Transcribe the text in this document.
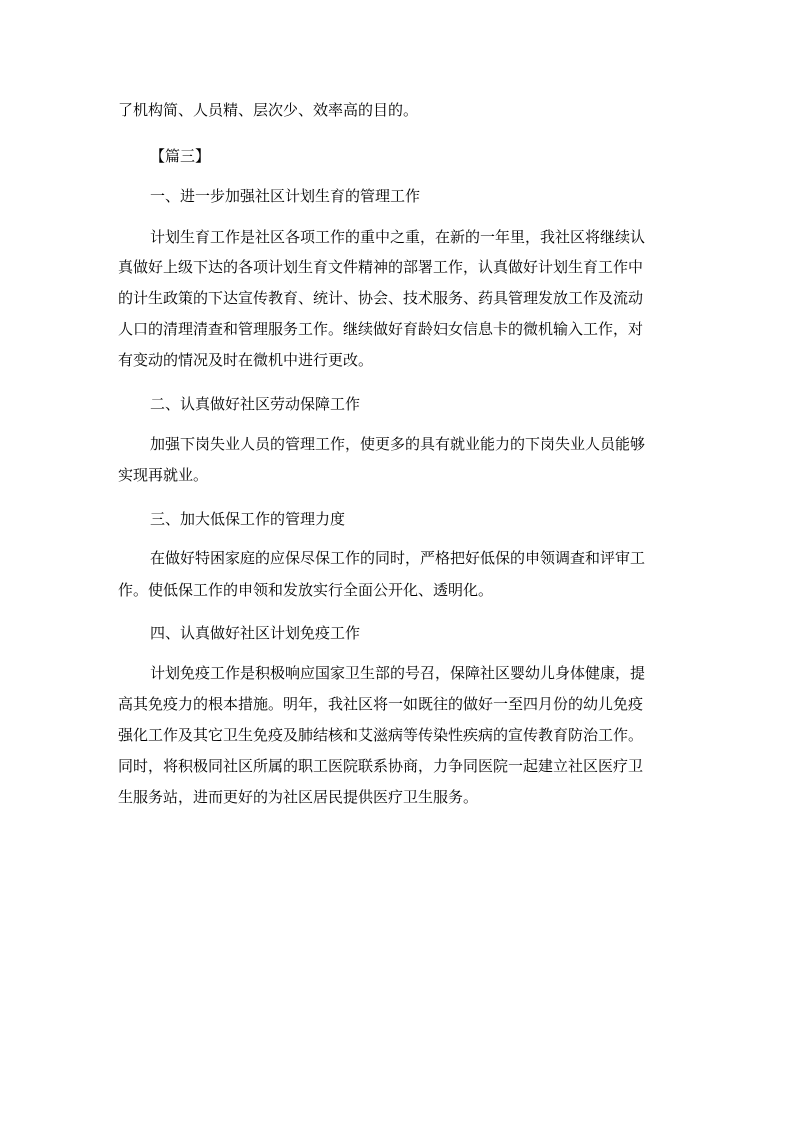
了机构简、人员精、层次少、效率高的目的。
【篇三】
一、进一步加强社区计划生育的管理工作
计划生育工作是社区各项工作的重中之重，在新的一年里，我社区将继续认
真做好上级下达的各项计划生育文件精神的部署工作，认真做好计划生育工作中
的计生政策的下达宣传教育、统计、协会、技术服务、药具管理发放工作及流动
人口的清理清查和管理服务工作。继续做好育龄妇女信息卡的微机输入工作，对
有变动的情况及时在微机中进行更改。
二、认真做好社区劳动保障工作
加强下岗失业人员的管理工作，使更多的具有就业能力的下岗失业人员能够
实现再就业。
三、加大低保工作的管理力度
在做好特困家庭的应保尽保工作的同时，严格把好低保的申领调查和评审工
作。使低保工作的申领和发放实行全面公开化、透明化。
四、认真做好社区计划免疫工作
计划免疫工作是积极响应国家卫生部的号召，保障社区婴幼儿身体健康，提
高其免疫力的根本措施。明年，我社区将一如既往的做好一至四月份的幼儿免疫
强化工作及其它卫生免疫及肺结核和艾滋病等传染性疾病的宣传教育防治工作。
同时，将积极同社区所属的职工医院联系协商，力争同医院一起建立社区医疗卫
生服务站，进而更好的为社区居民提供医疗卫生服务。
